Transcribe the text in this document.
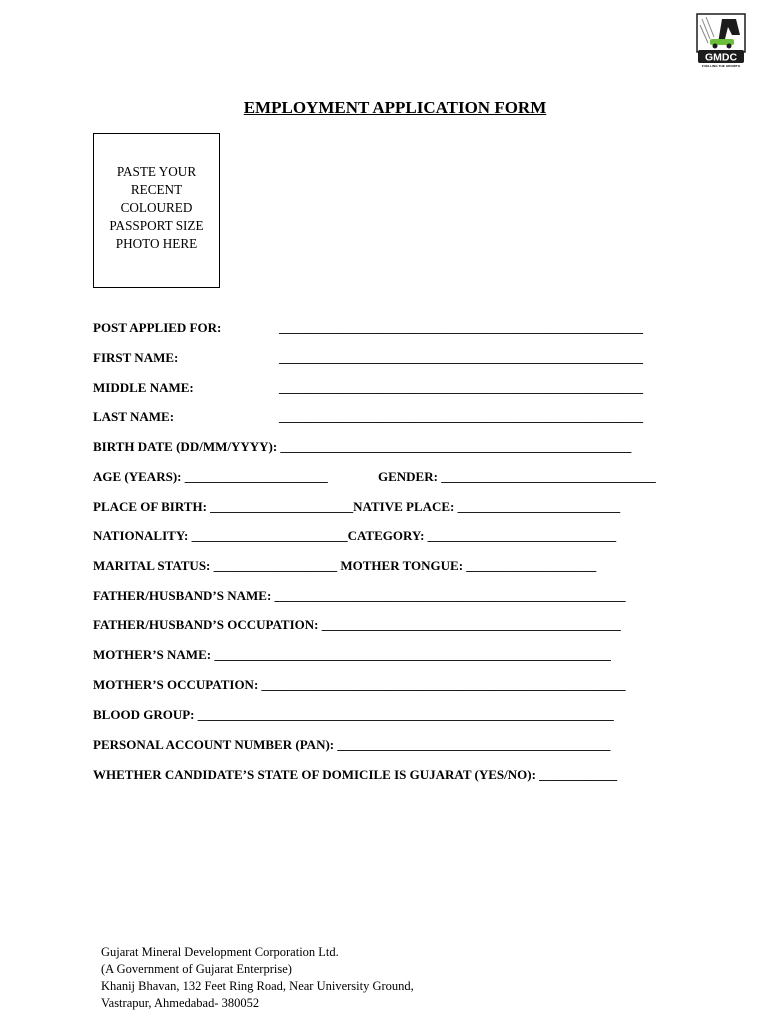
GMDC
FUELLING THE GROWTH
EMPLOYMENT APPLICATION FORM
PASTE YOUR
RECENT
COLOURED
PASSPORT SIZE
PHOTO HERE
POST APPLIED FOR:	________________________________________________________
FIRST NAME:	________________________________________________________
MIDDLE NAME:	________________________________________________________
LAST NAME:	________________________________________________________
BIRTH DATE (DD/MM/YYYY): ______________________________________________________
AGE (YEARS): ______________________	GENDER: _________________________________
PLACE OF BIRTH: ______________________NATIVE PLACE: _________________________
NATIONALITY: ________________________CATEGORY: _____________________________
MARITAL STATUS: ___________________ MOTHER TONGUE: ____________________
FATHER/HUSBAND’S NAME: ______________________________________________________
FATHER/HUSBAND’S OCCUPATION: ______________________________________________
MOTHER’S NAME: _____________________________________________________________
MOTHER’S OCCUPATION: ________________________________________________________
BLOOD GROUP: ________________________________________________________________
PERSONAL ACCOUNT NUMBER (PAN): __________________________________________
WHETHER CANDIDATE’S STATE OF DOMICILE IS GUJARAT (YES/NO): ____________
Gujarat Mineral Development Corporation Ltd.
(A Government of Gujarat Enterprise)
Khanij Bhavan, 132 Feet Ring Road, Near University Ground,
Vastrapur, Ahmedabad- 380052
